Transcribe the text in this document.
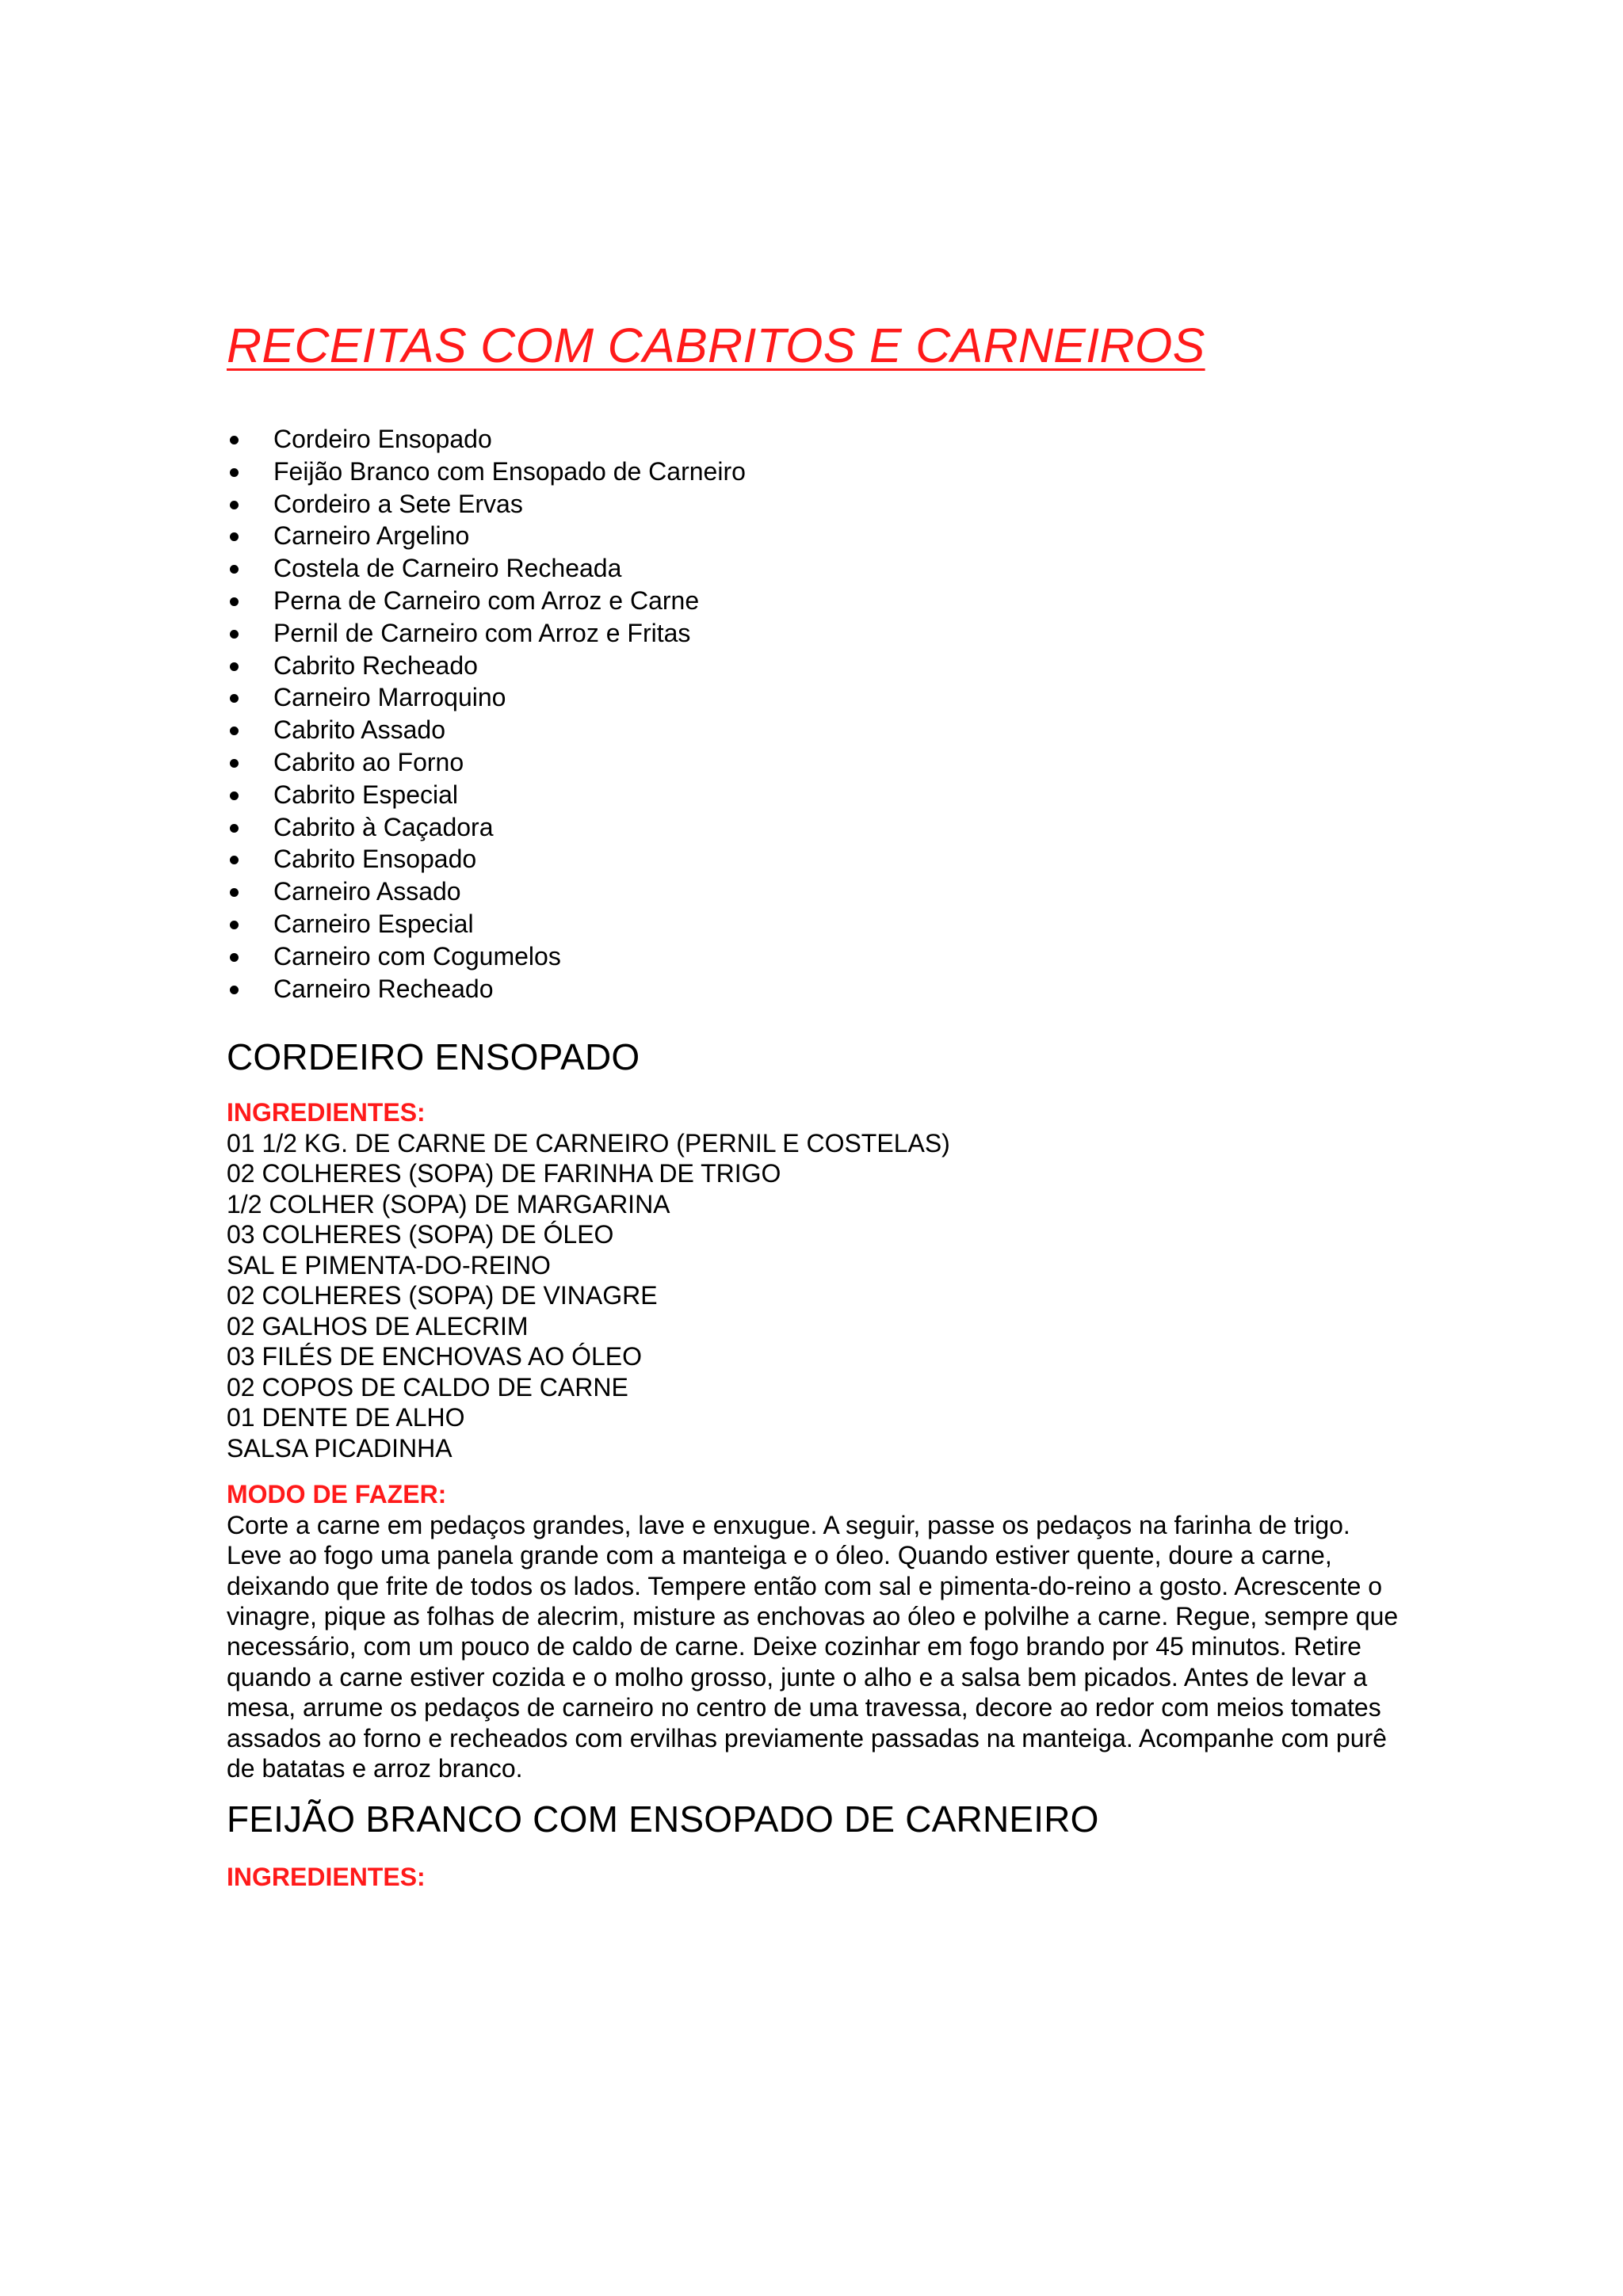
RECEITAS COM CABRITOS E CARNEIROS
Cordeiro Ensopado
Feijão Branco com Ensopado de Carneiro
Cordeiro a Sete Ervas
Carneiro Argelino
Costela de Carneiro Recheada
Perna de Carneiro com Arroz e Carne
Pernil de Carneiro com Arroz e Fritas
Cabrito Recheado
Carneiro Marroquino
Cabrito Assado
Cabrito ao Forno
Cabrito Especial
Cabrito à Caçadora
Cabrito Ensopado
Carneiro Assado
Carneiro Especial
Carneiro com Cogumelos
Carneiro Recheado
CORDEIRO ENSOPADO
INGREDIENTES:
01 1/2 KG. DE CARNE DE CARNEIRO (PERNIL E COSTELAS)
02 COLHERES (SOPA) DE FARINHA DE TRIGO
1/2 COLHER (SOPA) DE MARGARINA
03 COLHERES (SOPA) DE ÓLEO
SAL E PIMENTA-DO-REINO
02 COLHERES (SOPA) DE VINAGRE
02 GALHOS DE ALECRIM
03 FILÉS DE ENCHOVAS AO ÓLEO
02 COPOS DE CALDO DE CARNE
01 DENTE DE ALHO
SALSA PICADINHA
MODO DE FAZER:

Corte a carne em pedaços grandes, lave e enxugue. A seguir, passe os pedaços na farinha de trigo. Leve ao fogo uma panela grande com a manteiga e o óleo. Quando estiver quente, doure a carne, deixando que frite de todos os lados. Tempere então com sal e pimenta-do-reino a gosto. Acrescente o vinagre, pique as folhas de alecrim, misture as enchovas ao óleo e polvilhe a carne. Regue, sempre que necessário, com um pouco de caldo de carne. Deixe cozinhar em fogo brando por 45 minutos. Retire quando a carne estiver cozida e o molho grosso, junte o alho e a salsa bem picados. Antes de levar a mesa, arrume os pedaços de carneiro no centro de uma travessa, decore ao redor com meios tomates assados ao forno e recheados com ervilhas previamente passadas na manteiga. Acompanhe com purê de batatas e arroz branco.

FEIJÃO BRANCO COM ENSOPADO DE CARNEIRO
INGREDIENTES:
